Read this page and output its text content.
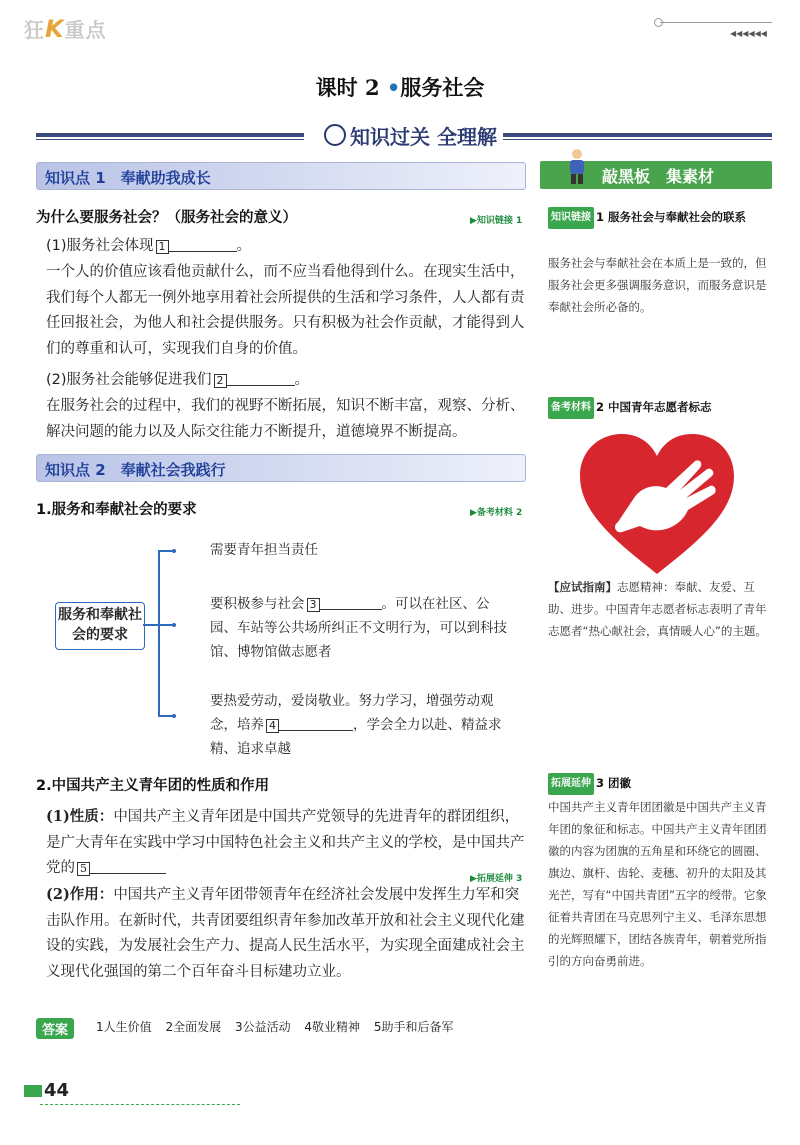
狂K重点	◀◀◀◀◀◀
课时 2 •服务社会
知识过关 全理解
知识点 1　奉献助我成长
为什么要服务社会？（服务社会的意义）	▶知识链接 1
(1)服务社会体现 1	。
一个人的价值应该看他贡献什么，而不应当看他得到什么。在现实生活中，我们每个人都无一例外地享用着社会所提供的生活和学习条件，人人都有责任回报社会，为他人和社会提供服务。只有积极为社会作贡献，才能得到人们的尊重和认可，实现我们自身的价值。
(2)服务社会能够促进我们 2	。
在服务社会的过程中，我们的视野不断拓展，知识不断丰富，观察、分析、解决问题的能力以及人际交往能力不断提升，道德境界不断提高。
知识点 2　奉献社会我践行
1.服务和奉献社会的要求	▶备考材料 2
服务和奉献社会的要求
需要青年担当责任
要积极参与社会 3	。可以在社区、公园、车站等公共场所纠正不文明行为，可以到科技馆、博物馆做志愿者
要热爱劳动，爱岗敬业。努力学习，增强劳动观念，培养 4	，学会全力以赴、精益求精、追求卓越
2.中国共产主义青年团的性质和作用
(1)性质：中国共产主义青年团是中国共产党领导的先进青年的群团组织，是广大青年在实践中学习中国特色社会主义和共产主义的学校，是中国共产党的 5
▶拓展延伸 3
(2)作用：中国共产主义青年团带领青年在经济社会发展中发挥生力军和突击队作用。在新时代，共青团要组织青年参加改革开放和社会主义现代化建设的实践，为发展社会生产力、提高人民生活水平，为实现全面建成社会主义现代化强国的第二个百年奋斗目标建功立业。
答案	1人生价值 2全面发展 3公益活动 4敬业精神 5助手和后备军
44
敲黑板　集素材
知识链接 1 服务社会与奉献社会的联系
服务社会与奉献社会在本质上是一致的，但服务社会更多强调服务意识，而服务意识是奉献社会所必备的。
备考材料 2 中国青年志愿者标志
【应试指南】志愿精神：奉献、友爱、互助、进步。中国青年志愿者标志表明了青年志愿者“热心献社会，真情暖人心”的主题。
拓展延伸 3 团徽
中国共产主义青年团团徽是中国共产主义青年团的象征和标志。中国共产主义青年团团徽的内容为团旗的五角星和环绕它的圆圈、旗边、旗杆、齿轮、麦穗、初升的太阳及其光芒，写有“中国共青团”五字的绶带。它象征着共青团在马克思列宁主义、毛泽东思想的光辉照耀下，团结各族青年，朝着党所指引的方向奋勇前进。
